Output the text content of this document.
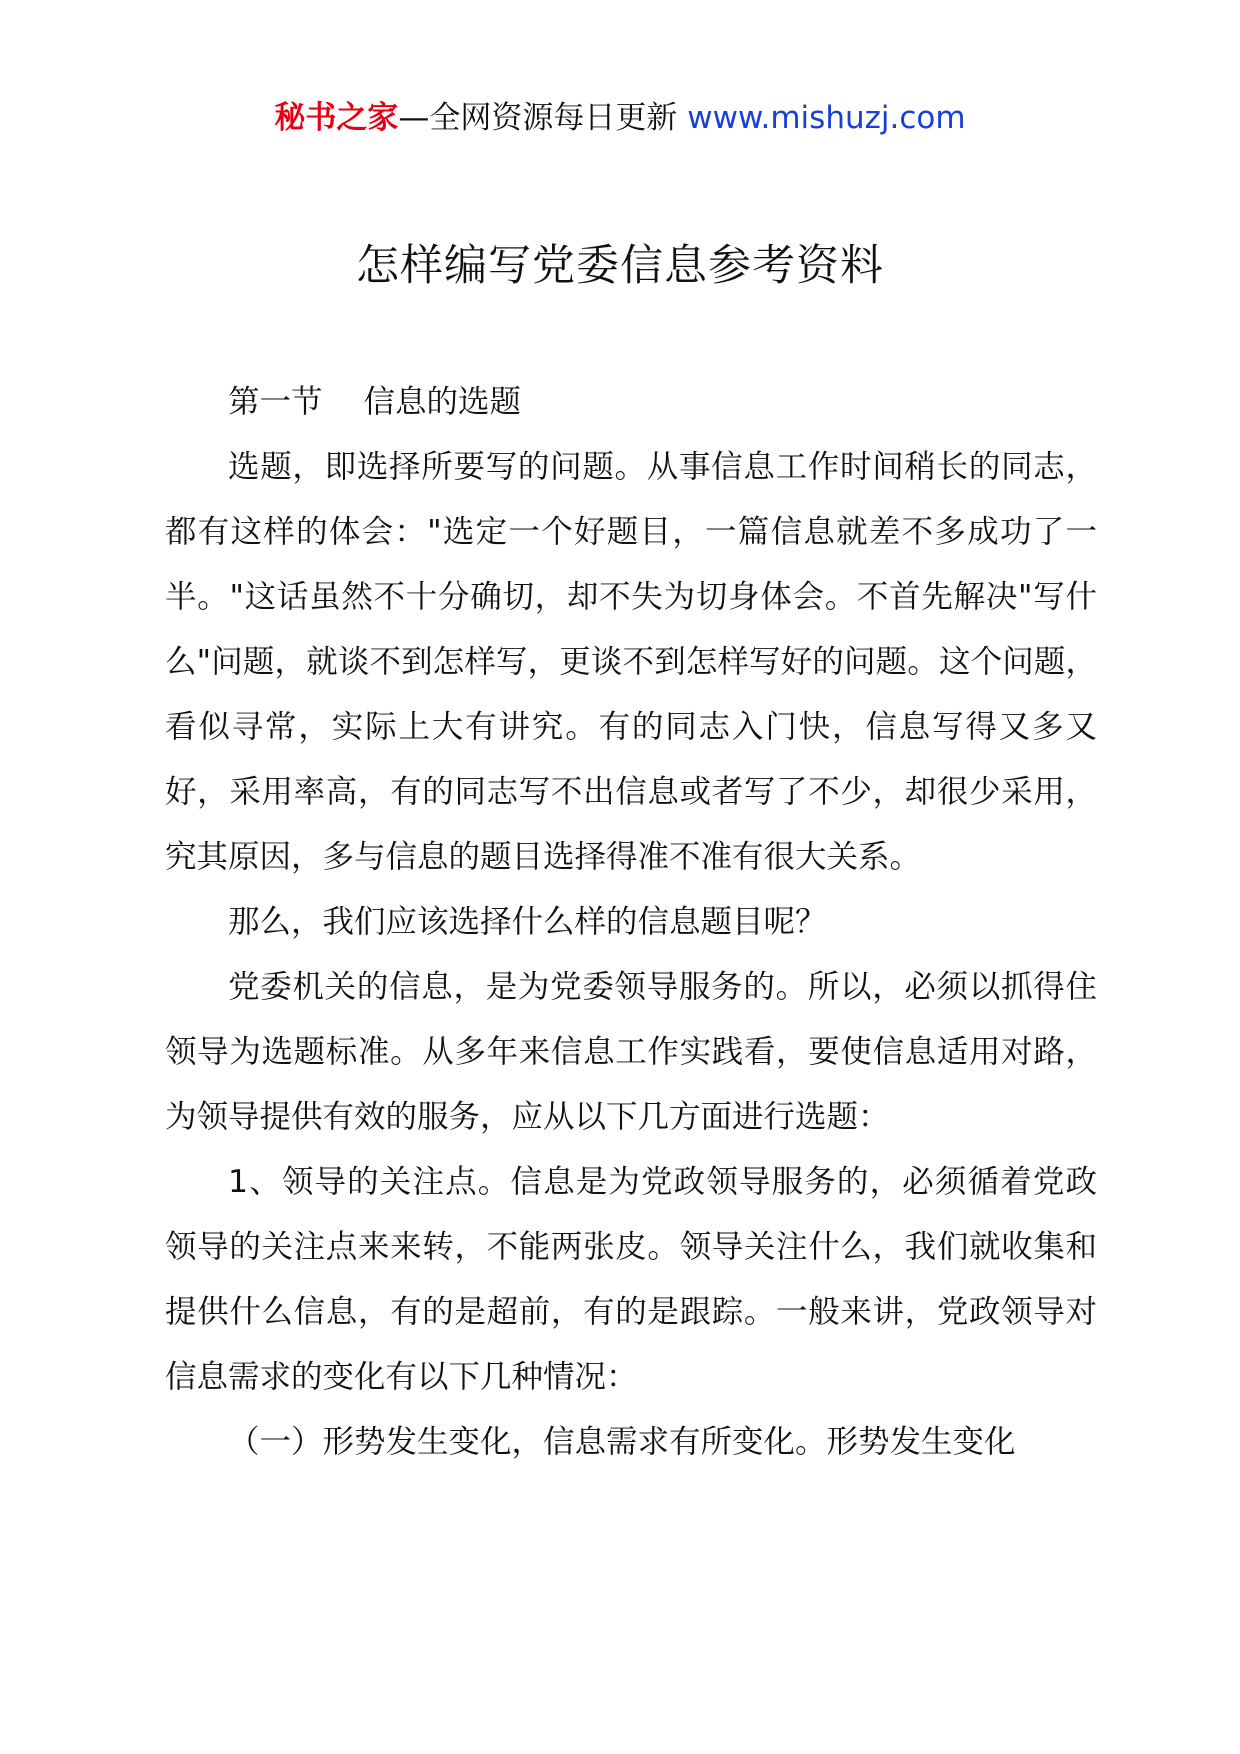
秘书之家—全网资源每日更新 www.mishuzj.com
怎样编写党委信息参考资料

第一节 信息的选题

选题，即选择所要写的问题。从事信息工作时间稍长的同志，都有这样的体会："选定一个好题目，一篇信息就差不多成功了一半。"这话虽然不十分确切，却不失为切身体会。不首先解决"写什么"问题，就谈不到怎样写，更谈不到怎样写好的问题。这个问题，看似寻常，实际上大有讲究。有的同志入门快，信息写得又多又好，采用率高，有的同志写不出信息或者写了不少，却很少采用，究其原因，多与信息的题目选择得准不准有很大关系。

那么，我们应该选择什么样的信息题目呢？

党委机关的信息，是为党委领导服务的。所以，必须以抓得住领导为选题标准。从多年来信息工作实践看，要使信息适用对路，为领导提供有效的服务，应从以下几方面进行选题：

1、领导的关注点。信息是为党政领导服务的，必须循着党政领导的关注点来来转，不能两张皮。领导关注什么，我们就收集和提供什么信息，有的是超前，有的是跟踪。一般来讲，党政领导对信息需求的变化有以下几种情况：

（一）形势发生变化，信息需求有所变化。形势发生变化
